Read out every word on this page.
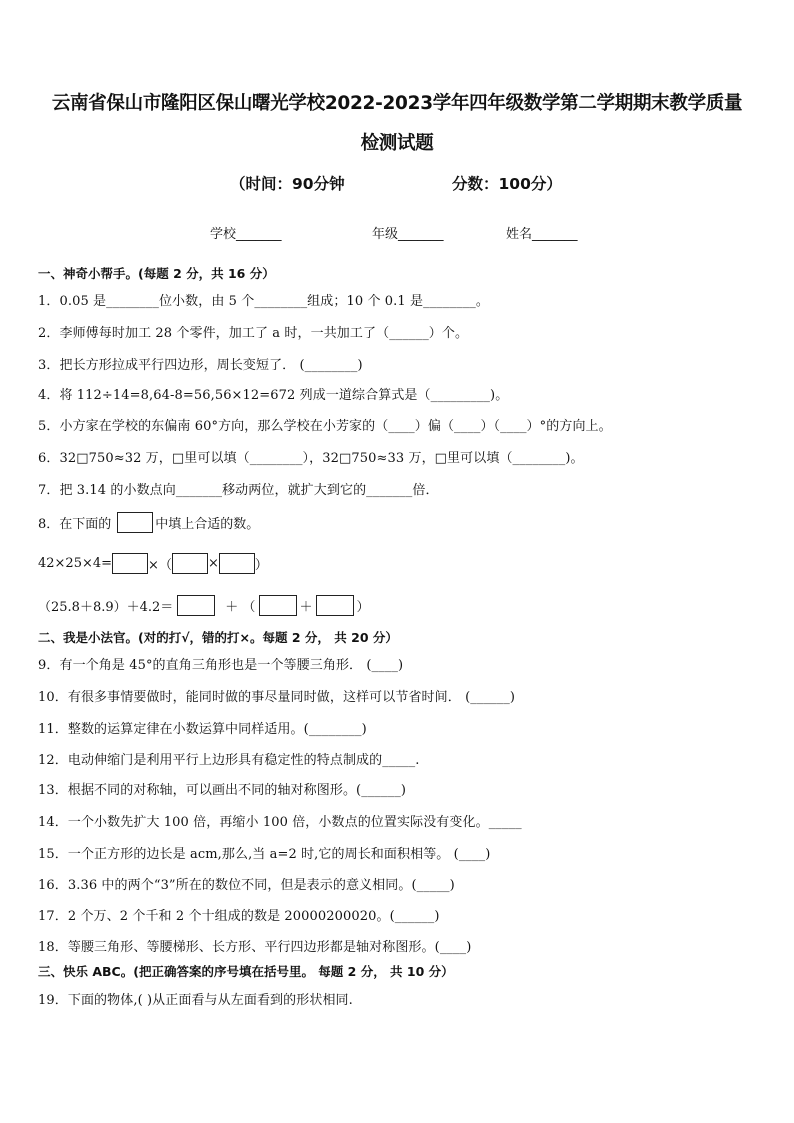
云南省保山市隆阳区保山曙光学校2022-2023学年四年级数学第二学期期末教学质量
检测试题
（时间：90分钟	分数：100分）
学校_______	年级_______	姓名_______
一、神奇小帮手。(每题 2 分，共 16 分）
1．0.05 是________位小数，由 5 个________组成；10 个 0.1 是________。
2．李师傅每时加工 28 个零件，加工了 a 时，一共加工了（______）个。
3．把长方形拉成平行四边形，周长变短了． (________)
4．将 112÷14=8,64-8=56,56×12=672 列成一道综合算式是（_________)。
5．小方家在学校的东偏南 60°方向，那么学校在小芳家的（____）偏（____）（____）°的方向上。
6．32□750≈32 万，□里可以填（________），32□750≈33 万，□里可以填（________)。
7．把 3.14 的小数点向_______移动两位，就扩大到它的_______倍．
8．在下面的	中填上合适的数。
42×25×4=	×（	×	）
（25.8＋8.9）＋4.2＝	＋ （	＋	）
二、我是小法官。(对的打√，错的打×。每题 2 分， 共 20 分）
9．有一个角是 45°的直角三角形也是一个等腰三角形． (____)
10．有很多事情要做时，能同时做的事尽量同时做，这样可以节省时间． (______)
11．整数的运算定律在小数运算中同样适用。(________)
12．电动伸缩门是利用平行上边形具有稳定性的特点制成的_____.
13．根据不同的对称轴，可以画出不同的轴对称图形。(______)
14．一个小数先扩大 100 倍，再缩小 100 倍，小数点的位置实际没有变化。_____
15．一个正方形的边长是 acm,那么,当 a=2 时,它的周长和面积相等。 (____)
16．3.36 中的两个“3”所在的数位不同，但是表示的意义相同。(_____)
17．2 个万、2 个千和 2 个十组成的数是 20000200020。(______)
18．等腰三角形、等腰梯形、长方形、平行四边形都是轴对称图形。(____)
三、快乐 ABC。(把正确答案的序号填在括号里。 每题 2 分， 共 10 分）
19．下面的物体,( )从正面看与从左面看到的形状相同.
